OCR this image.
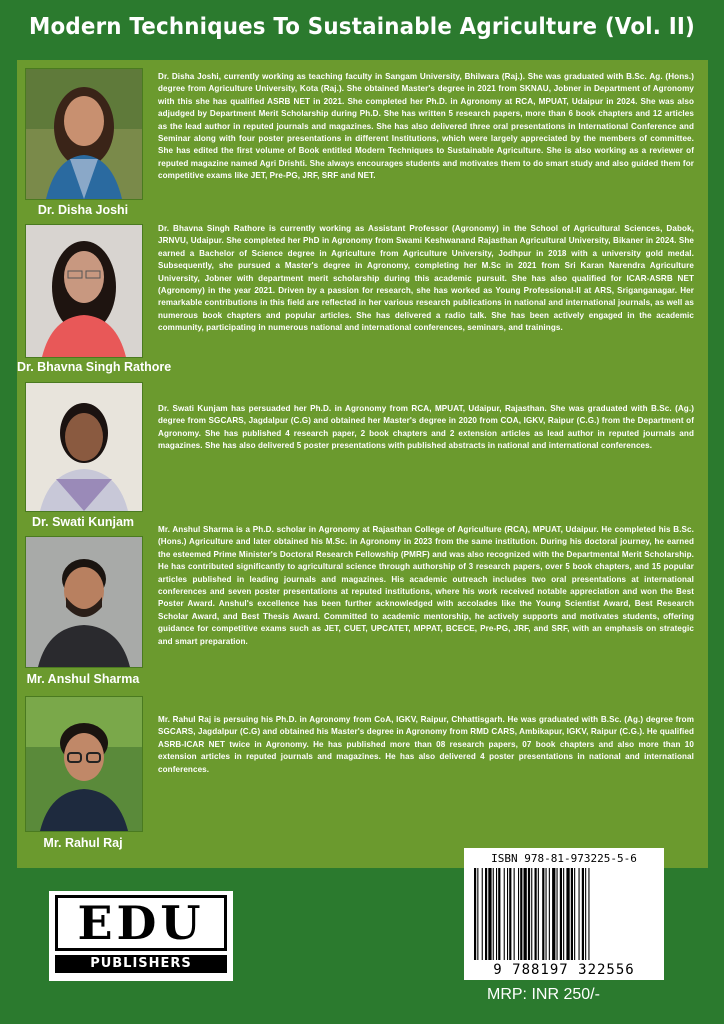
Modern Techniques To Sustainable Agriculture (Vol. II)
Dr. Disha Joshi
Dr. Disha Joshi, currently working as teaching faculty in Sangam University, Bhilwara (Raj.). She was graduated with B.Sc. Ag. (Hons.) degree from Agriculture University, Kota (Raj.). She obtained Master's degree in 2021 from SKNAU, Jobner in Department of Agronomy with this she has qualified ASRB NET in 2021. She completed her Ph.D. in Agronomy at RCA, MPUAT, Udaipur in 2024. She was also adjudged by Department Merit Scholarship during Ph.D. She has written 5 research papers, more than 6 book chapters and 12 articles as the lead author in reputed journals and magazines. She has also delivered three oral presentations in International Conference and Seminar along with four poster presentations in different Institutions, which were largely appreciated by the members of committee. She has edited the first volume of Book entitled Modern Techniques to Sustainable Agriculture. She is also working as a reviewer of reputed magazine named Agri Drishti. She always encourages students and motivates them to do smart study and also guided them for competitive exams like JET, Pre-PG, JRF, SRF and NET.
Dr. Bhavna Singh Rathore
Dr. Bhavna Singh Rathore is currently working as Assistant Professor (Agronomy) in the School of Agricultural Sciences, Dabok, JRNVU, Udaipur. She completed her PhD in Agronomy from Swami Keshwanand Rajasthan Agricultural University, Bikaner in 2024. She earned a Bachelor of Science degree in Agriculture from Agriculture University, Jodhpur in 2018 with a university gold medal. Subsequently, she pursued a Master's degree in Agronomy, completing her M.Sc in 2021 from Sri Karan Narendra Agriculture University, Jobner with department merit scholarship during this academic pursuit. She has also qualified for ICAR-ASRB NET (Agronomy) in the year 2021. Driven by a passion for research, she has worked as Young Professional-II at ARS, Sriganganagar. Her remarkable contributions in this field are reflected in her various research publications in national and international journals, as well as numerous book chapters and popular articles. She has delivered a radio talk. She has been actively engaged in the academic community, participating in numerous national and international conferences, seminars, and trainings.
Dr. Swati Kunjam
Dr. Swati Kunjam has persuaded her Ph.D. in Agronomy from RCA, MPUAT, Udaipur, Rajasthan. She was graduated with B.Sc. (Ag.) degree from SGCARS, Jagdalpur (C.G) and obtained her Master's degree in 2020 from COA, IGKV, Raipur (C.G.) from the Department of Agronomy. She has published 4 research paper, 2 book chapters and 2 extension articles as lead author in reputed journals and magazines. She has also delivered 5 poster presentations with published abstracts in national and international conferences.
Mr. Anshul Sharma
Mr. Anshul Sharma is a Ph.D. scholar in Agronomy at Rajasthan College of Agriculture (RCA), MPUAT, Udaipur. He completed his B.Sc. (Hons.) Agriculture and later obtained his M.Sc. in Agronomy in 2023 from the same institution. During his doctoral journey, he earned the esteemed Prime Minister's Doctoral Research Fellowship (PMRF) and was also recognized with the Departmental Merit Scholarship. He has contributed significantly to agricultural science through authorship of 3 research papers, over 5 book chapters, and 15 popular articles published in leading journals and magazines. His academic outreach includes two oral presentations at international conferences and seven poster presentations at reputed institutions, where his work received notable appreciation and won the Best Poster Award. Anshul's excellence has been further acknowledged with accolades like the Young Scientist Award, Best Research Scholar Award, and Best Thesis Award. Committed to academic mentorship, he actively supports and motivates students, offering guidance for competitive exams such as JET, CUET, UPCATET, MPPAT, BCECE, Pre-PG, JRF, and SRF, with an emphasis on strategic and smart preparation.
Mr. Rahul Raj
Mr. Rahul Raj is persuing his Ph.D. in Agronomy from CoA, IGKV, Raipur, Chhattisgarh. He was graduated with B.Sc. (Ag.) degree from SGCARS, Jagdalpur (C.G) and obtained his Master's degree in Agronomy from RMD CARS, Ambikapur, IGKV, Raipur (C.G.). He qualified ASRB-ICAR NET twice in Agronomy. He has published more than 08 research papers, 07 book chapters and also more than 10 extension articles in reputed journals and magazines. He has also delivered 4 poster presentations in national and international conferences.
EDU
PUBLISHERS
ISBN 978-81-973225-5-6
9 788197 322556
MRP: INR 250/-
